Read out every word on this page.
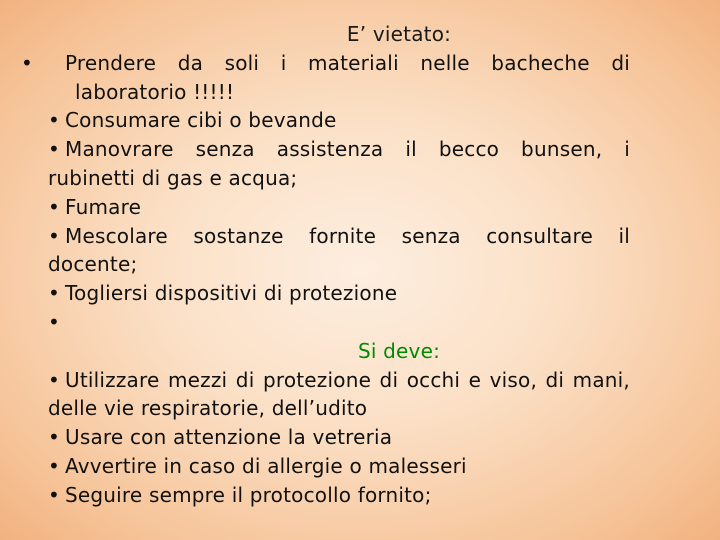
E’ vietato:
• Prendere da soli i materiali nelle bacheche di laboratorio !!!!!
• Consumare cibi o bevande
• Manovrare senza assistenza il becco bunsen, i rubinetti di gas e acqua;
• Fumare
• Mescolare sostanze fornite senza consultare il docente;
• Togliersi dispositivi di protezione
•
Si deve:
• Utilizzare mezzi di protezione di occhi e viso, di mani, delle vie respiratorie, dell’udito
• Usare con attenzione la vetreria
• Avvertire in caso di allergie o malesseri
• Seguire sempre il protocollo fornito;
